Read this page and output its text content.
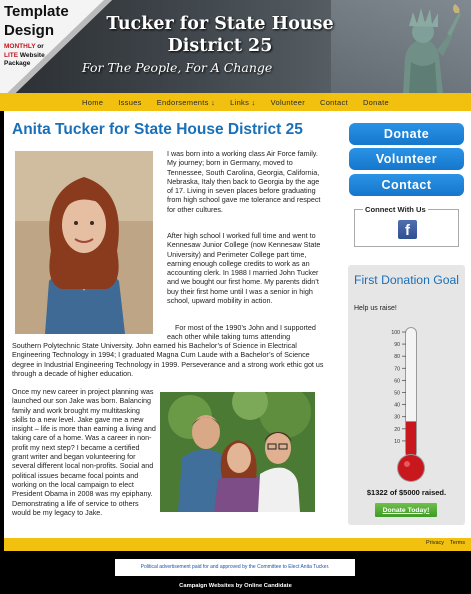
Tucker for State House
District 25
For The People, For A Change
Template
Design
MONTHLY or
LITE Website
Package
Home Issues Endorsements ↓ Links ↓ Volunteer Contact Donate
Anita Tucker for State House District 25

I was born into a working class Air Force family. My journey; born in Germany, moved to Tennessee, South Carolina, Georgia, California, Nebraska, Italy then back to Georgia by the age of 17. Living in seven places before graduating from high school gave me tolerance and respect for other cultures.

After high school I worked full time and went to Kennesaw Junior College (now Kennesaw State University) and Perimeter College part time, earning enough college credits to work as an accounting clerk. In 1988 I married John Tucker and we bought our first home. My parents didn’t buy their first home until I was a senior in high school, upward mobility in action.

For most of the 1990’s John and I supported each other while taking turns attending

Southern Polytechnic State University. John earned his Bachelor’s of Science in Electrical Engineering Technology in 1994; I graduated Magna Cum Laude with a Bachelor’s of Science degree in Industrial Engineering Technology in 1999. Perseverance and a strong work ethic got us through a decade of higher education.

Once my new career in project planning was launched our son Jake was born. Balancing family and work brought my multitasking skills to a new level. Jake gave me a new insight – life is more than earning a living and taking care of a home. Was a career in non-profit my next step? I became a certified grant writer and began volunteering for several different local non-profits. Social and political issues became focal points and working on the local campaign to elect President Obama in 2008 was my epiphany. Demonstrating a life of service to others would be my legacy to Jake.

Donate
Volunteer
Contact
Connect With Us
f
First Donation Goal
Help us raise!
100
90
80
70
60
50
40
30
20
10
$1322 of $5000 raised.
Donate Today!
Privacy Terms
Political advertisement paid for and approved by the Committee to Elect Anita Tucker.
Campaign Websites by Online Candidate
